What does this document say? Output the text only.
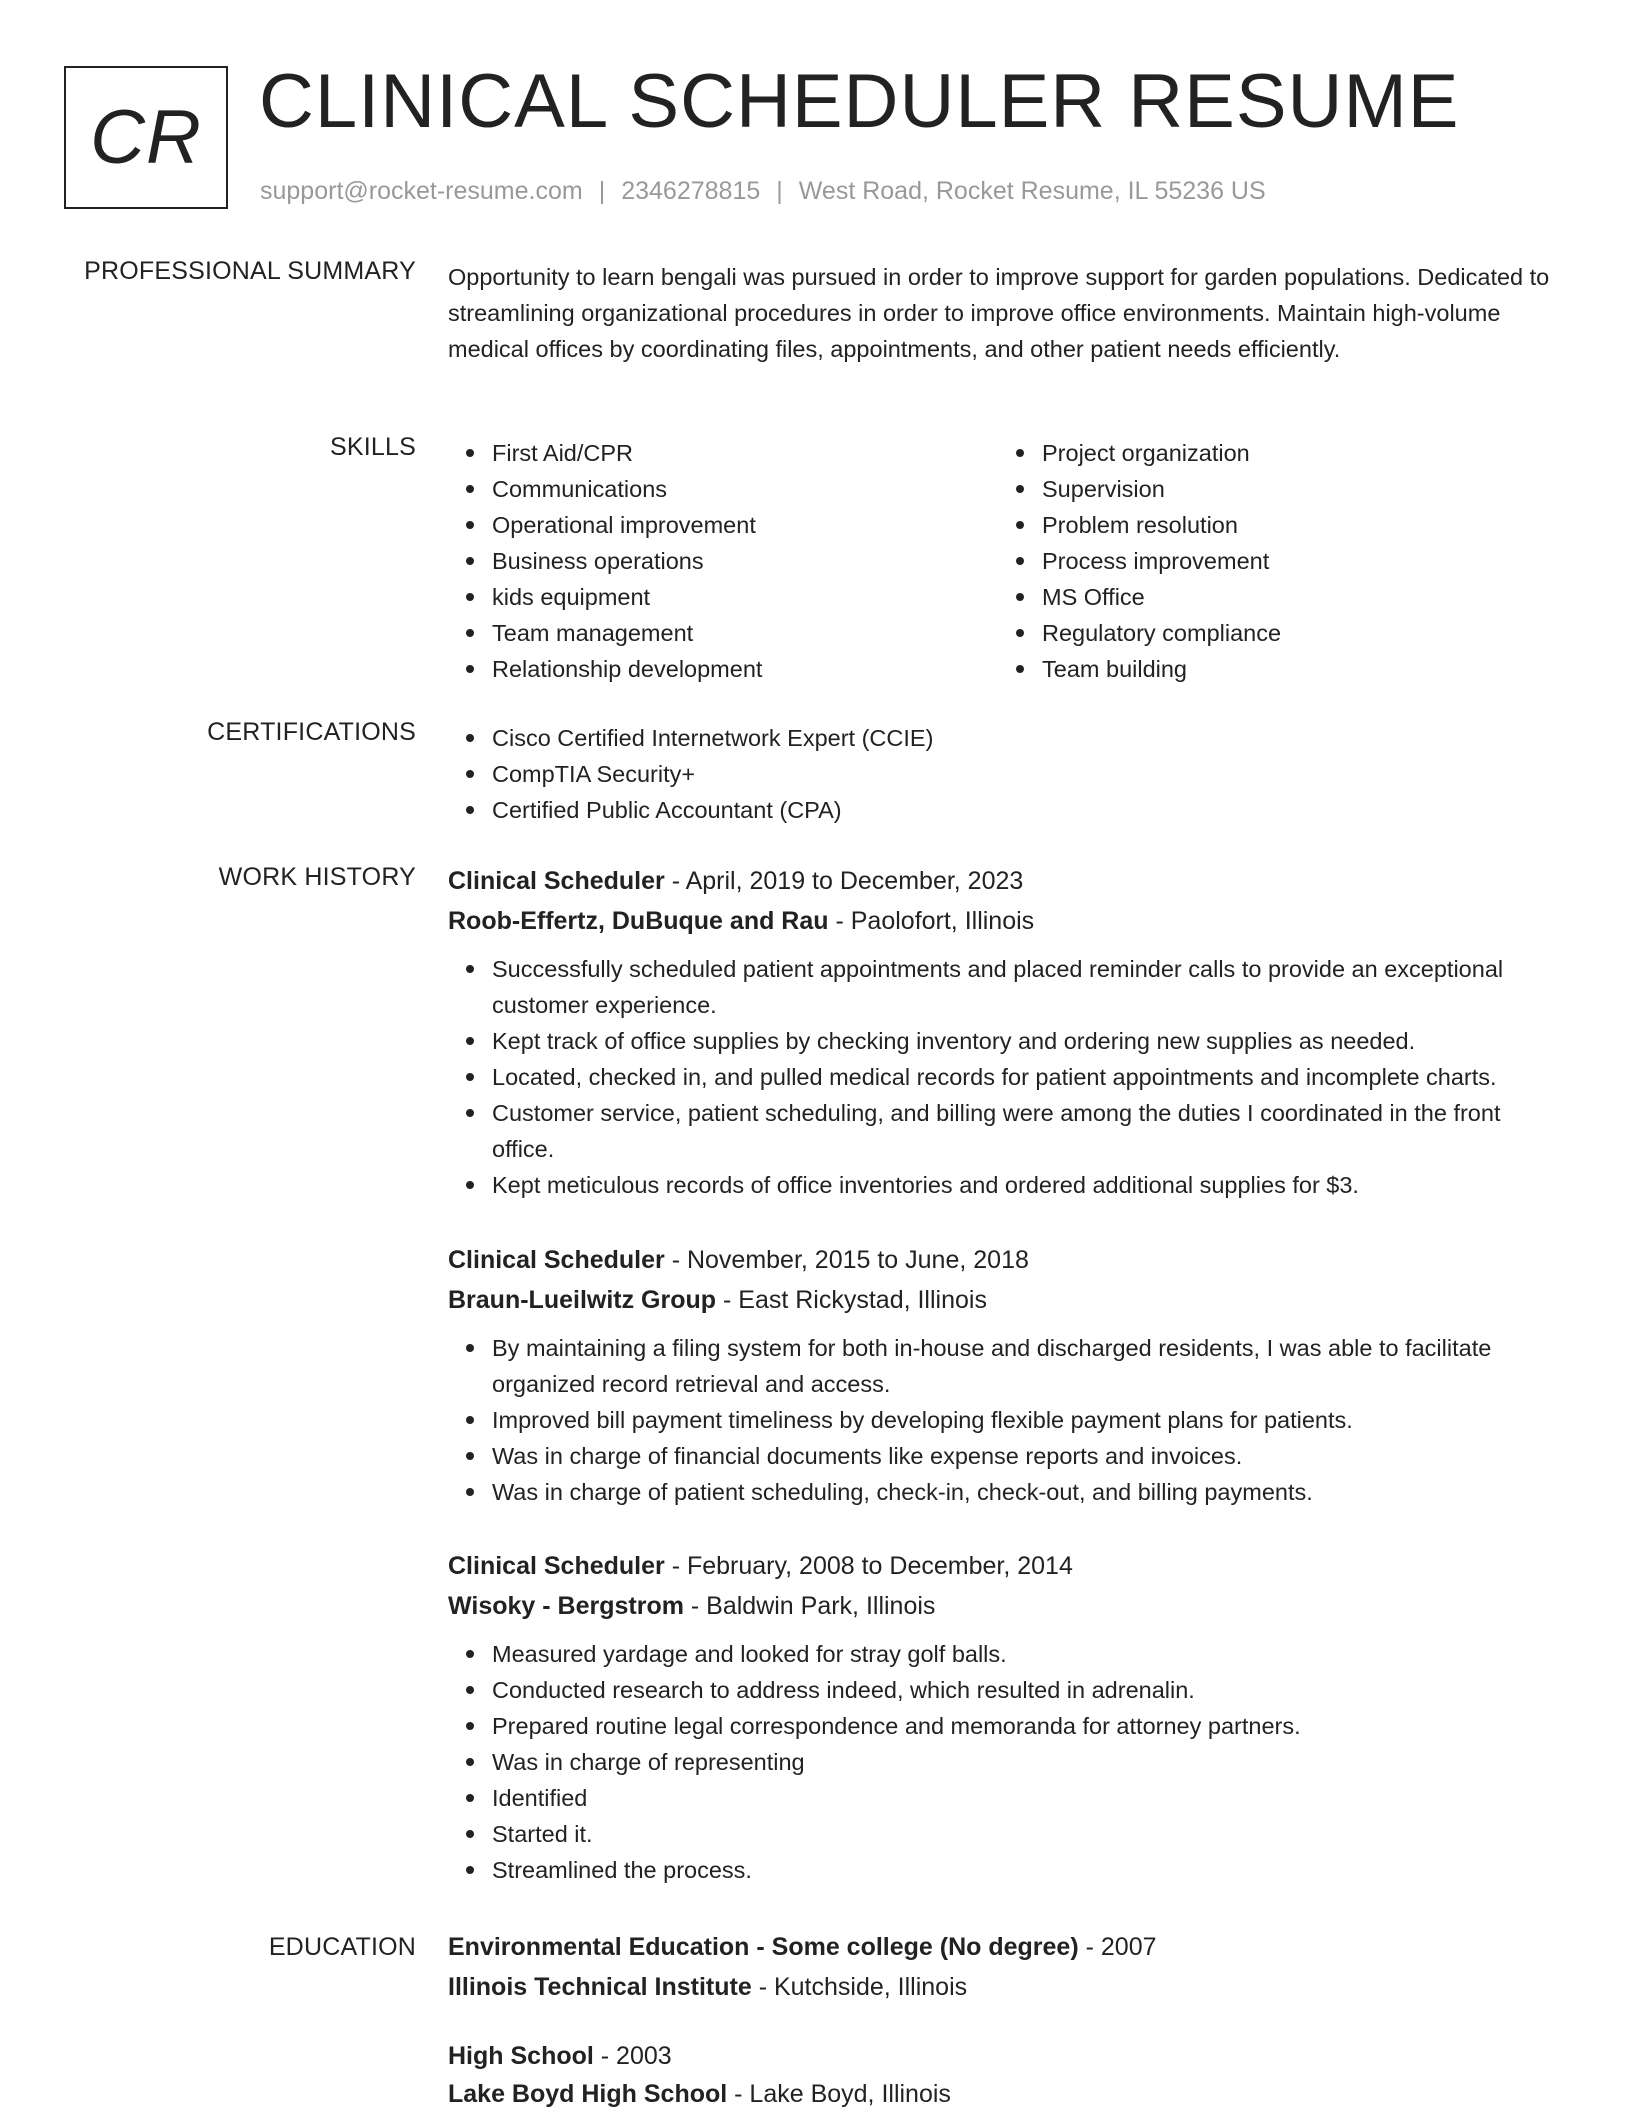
CR CLINICAL SCHEDULER RESUME
support@rocket-resume.com | 2346278815 | West Road, Rocket Resume, IL 55236 US
PROFESSIONAL SUMMARY Opportunity to learn bengali was pursued in order to improve support for garden populations. Dedicated to streamlining organizational procedures in order to improve office environments. Maintain high-volume medical offices by coordinating files, appointments, and other patient needs efficiently.
SKILLS	First Aid/CPR
Communications
Operational improvement
Business operations
kids equipment
Team management
Relationship development
Project organization
Supervision
Problem resolution
Process improvement
MS Office
Regulatory compliance
Team building
CERTIFICATIONS	Cisco Certified Internetwork Expert (CCIE)
CompTIA Security+
Certified Public Accountant (CPA)
WORK HISTORY Clinical Scheduler - April, 2019 to December, 2023
Roob-Effertz, DuBuque and Rau - Paolofort, Illinois
Successfully scheduled patient appointments and placed reminder calls to provide an exceptional customer experience.
Kept track of office supplies by checking inventory and ordering new supplies as needed.
Located, checked in, and pulled medical records for patient appointments and incomplete charts.
Customer service, patient scheduling, and billing were among the duties I coordinated in the front office.
Kept meticulous records of office inventories and ordered additional supplies for $3.
Clinical Scheduler - November, 2015 to June, 2018
Braun-Lueilwitz Group - East Rickystad, Illinois
By maintaining a filing system for both in-house and discharged residents, I was able to facilitate organized record retrieval and access.
Improved bill payment timeliness by developing flexible payment plans for patients.
Was in charge of financial documents like expense reports and invoices.
Was in charge of patient scheduling, check-in, check-out, and billing payments.
Clinical Scheduler - February, 2008 to December, 2014
Wisoky - Bergstrom - Baldwin Park, Illinois
Measured yardage and looked for stray golf balls.
Conducted research to address indeed, which resulted in adrenalin.
Prepared routine legal correspondence and memoranda for attorney partners.
Was in charge of representing
Identified
Started it.
Streamlined the process.
EDUCATION Environmental Education - Some college (No degree) - 2007
Illinois Technical Institute - Kutchside, Illinois
High School - 2003
Lake Boyd High School - Lake Boyd, Illinois
